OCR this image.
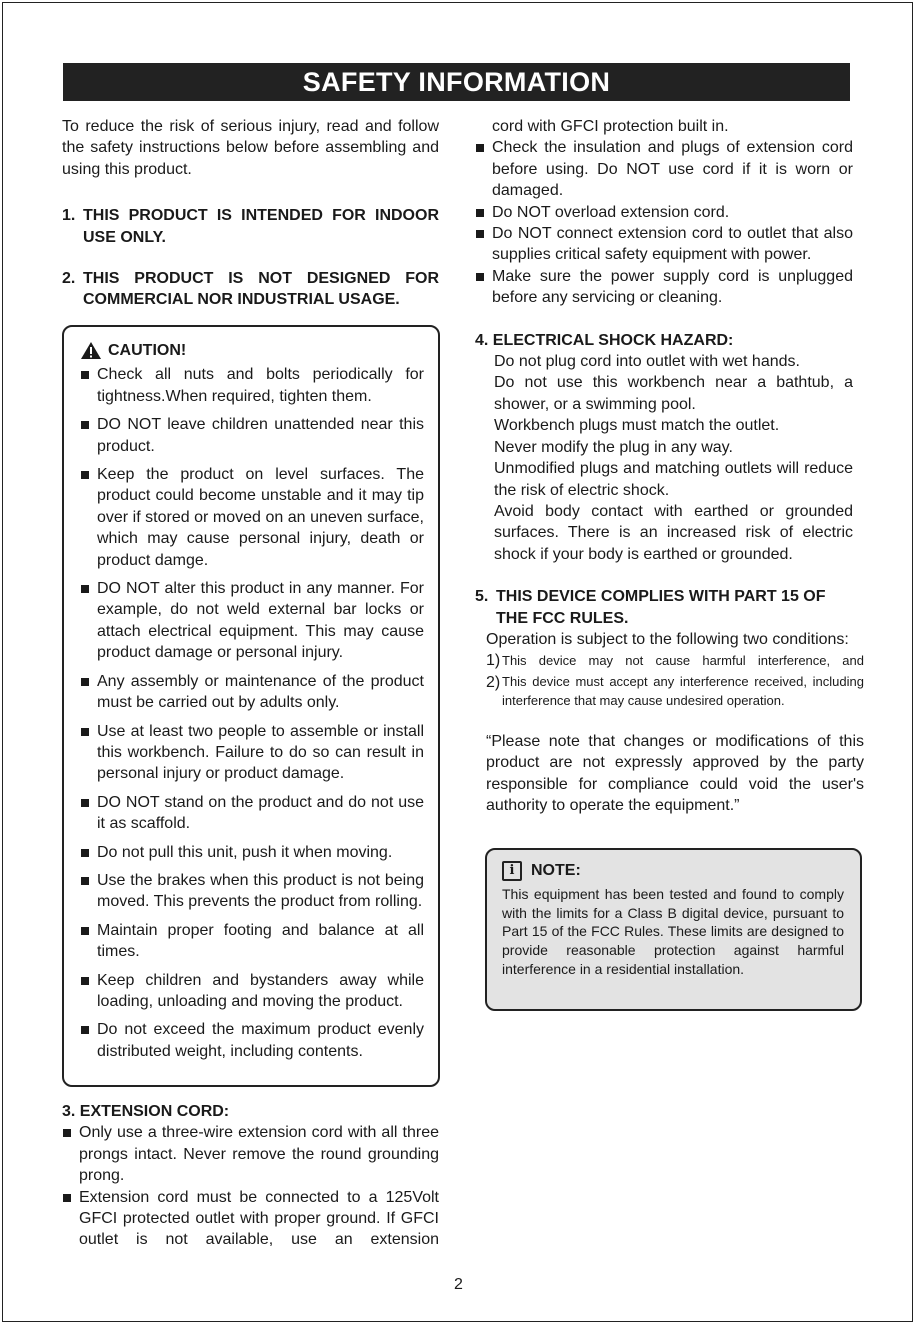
SAFETY INFORMATION

To reduce the risk of serious injury, read and follow the safety instructions below before assembling and using this product.

1. THIS PRODUCT IS INTENDED FOR INDOOR USE ONLY.
2. THIS PRODUCT IS NOT DESIGNED FOR COMMERCIAL NOR INDUSTRIAL USAGE.
CAUTION!
Check all nuts and bolts periodically for tightness.When required, tighten them.
DO NOT leave children unattended near this product.
Keep the product on level surfaces. The product could become unstable and it may tip over if stored or moved on an uneven surface, which may cause personal injury, death or product damge.
DO NOT alter this product in any manner. For example, do not weld external bar locks or attach electrical equipment. This may cause product damage or personal injury.
Any assembly or maintenance of the product must be carried out by adults only.
Use at least two people to assemble or install this workbench. Failure to do so can result in personal injury or product damage.
DO NOT stand on the product and do not use it as scaffold.
Do not pull this unit, push it when moving.
Use the brakes when this product is not being moved. This prevents the product from rolling.
Maintain proper footing and balance at all times.
Keep children and bystanders away while loading, unloading and moving the product.
Do not exceed the maximum product evenly distributed weight, including contents.

3. EXTENSION CORD:

Only use a three-wire extension cord with all three prongs intact. Never remove the round grounding prong.
Extension cord must be connected to a 125Volt GFCI protected outlet with proper ground. If GFCI outlet is not available, use an extension

cord with GFCI protection built in.

Check the insulation and plugs of extension cord before using. Do NOT use cord if it is worn or damaged.
Do NOT overload extension cord.
Do NOT connect extension cord to outlet that also supplies critical safety equipment with power.
Make sure the power supply cord is unplugged before any servicing or cleaning.

4. ELECTRICAL SHOCK HAZARD:

Do not plug cord into outlet with wet hands.

Do not use this workbench near a bathtub, a shower, or a swimming pool.

Workbench plugs must match the outlet.

Never modify the plug in any way.

Unmodified plugs and matching outlets will reduce the risk of electric shock.

Avoid body contact with earthed or grounded surfaces. There is an increased risk of electric shock if your body is earthed or grounded.

5. THIS DEVICE COMPLIES WITH PART 15 OF THE FCC RULES.

Operation is subject to the following two conditions:

1) This device may not cause harmful interference, and
2) This device must accept any interference received, including interference that may cause undesired operation.

“Please note that changes or modifications of this product are not expressly approved by the party responsible for compliance could void the user's authority to operate the equipment.”

i	NOTE:

This equipment has been tested and found to comply with the limits for a Class B digital device, pursuant to Part 15 of the FCC Rules. These limits are designed to provide reasonable protection against harmful interference in a residential installation.

2
